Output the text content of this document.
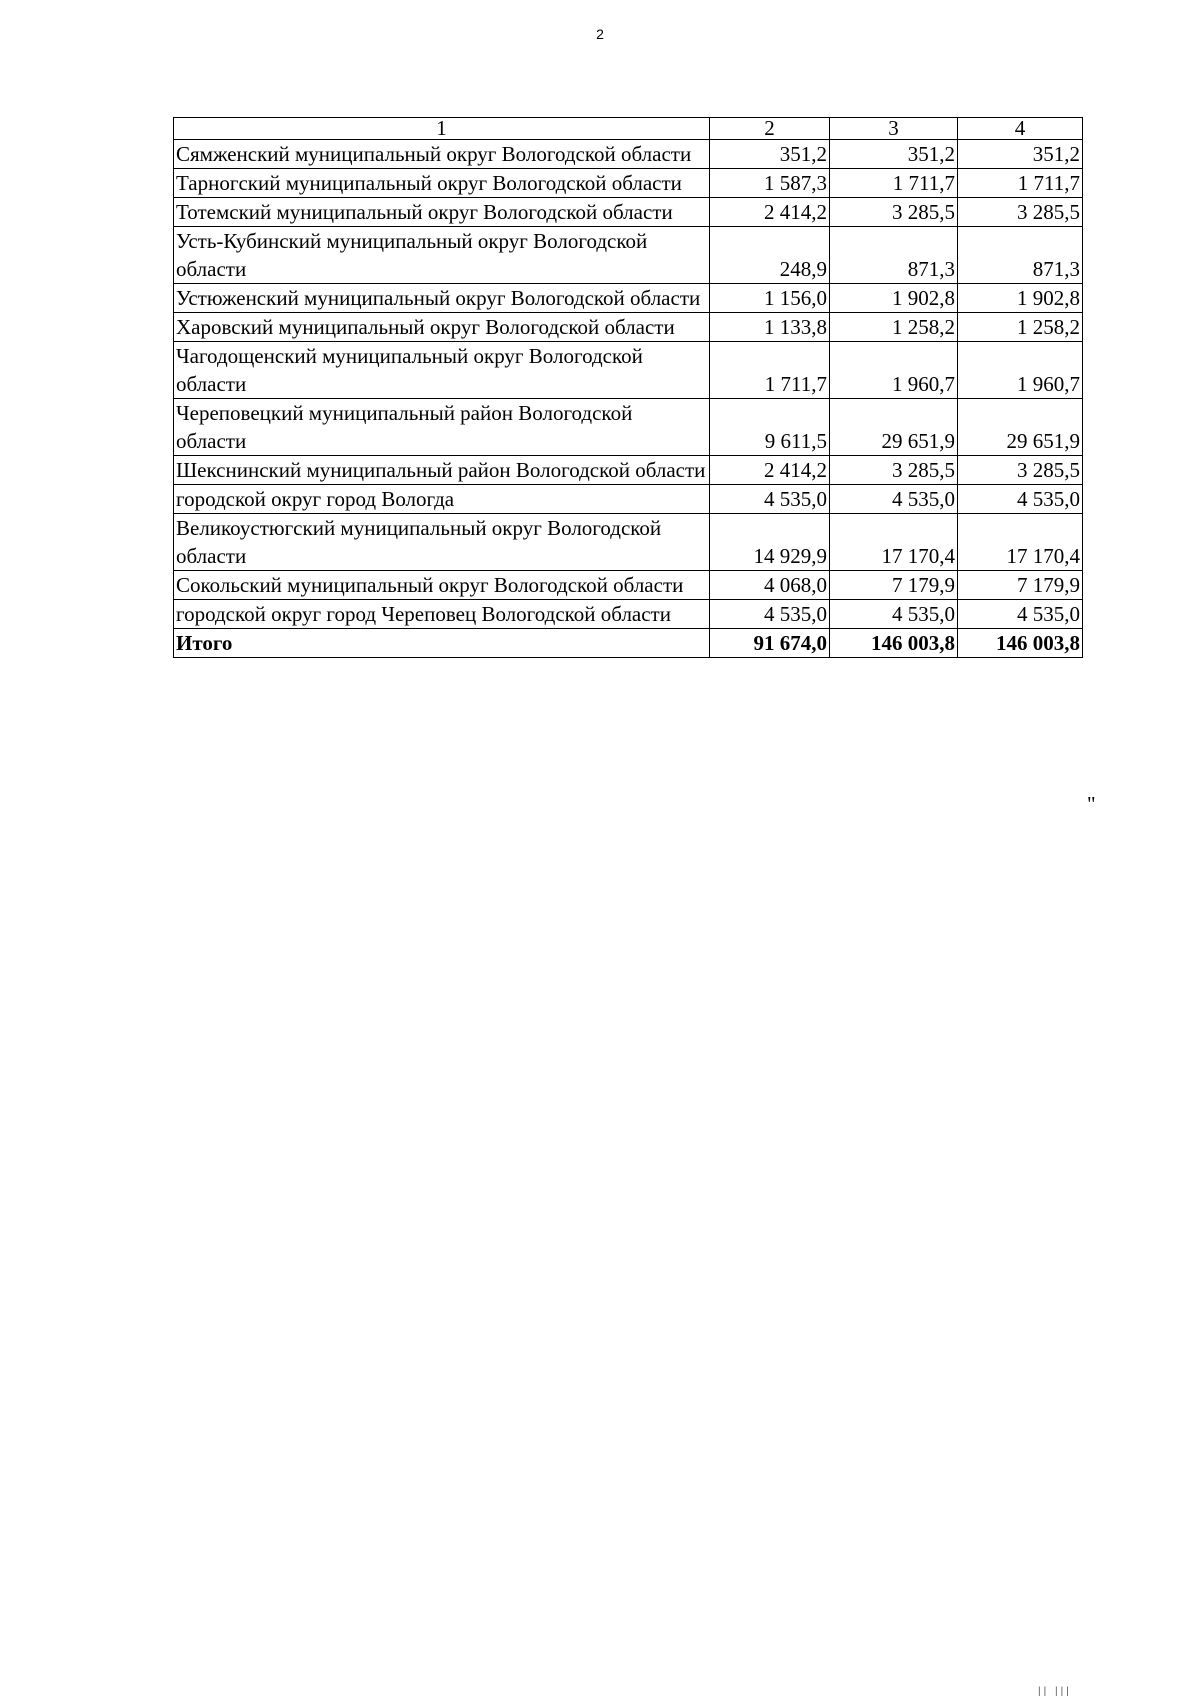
2
1	2	3	4
Сямженский муниципальный округ Вологодской области	351,2	351,2	351,2
Тарногский муниципальный округ Вологодской области	1 587,3	1 711,7	1 711,7
Тотемский муниципальный округ Вологодской области	2 414,2	3 285,5	3 285,5
Усть-Кубинский муниципальный округ Вологодской области	248,9	871,3	871,3
Устюженский муниципальный округ Вологодской области	1 156,0	1 902,8	1 902,8
Харовский муниципальный округ Вологодской области	1 133,8	1 258,2	1 258,2
Чагодощенский муниципальный округ Вологодской области	1 711,7	1 960,7	1 960,7
Череповецкий муниципальный район Вологодской области	9 611,5	29 651,9	29 651,9
Шекснинский муниципальный район Вологодской области	2 414,2	3 285,5	3 285,5
городской округ город Вологда	4 535,0	4 535,0	4 535,0
Великоустюгский муниципальный округ Вологодской области	14 929,9	17 170,4	17 170,4
Сокольский муниципальный округ Вологодской области	4 068,0	7 179,9	7 179,9
городской округ город Череповец Вологодской области	4 535,0	4 535,0	4 535,0
Итого	91 674,0	146 003,8	146 003,8
"
|| |||
